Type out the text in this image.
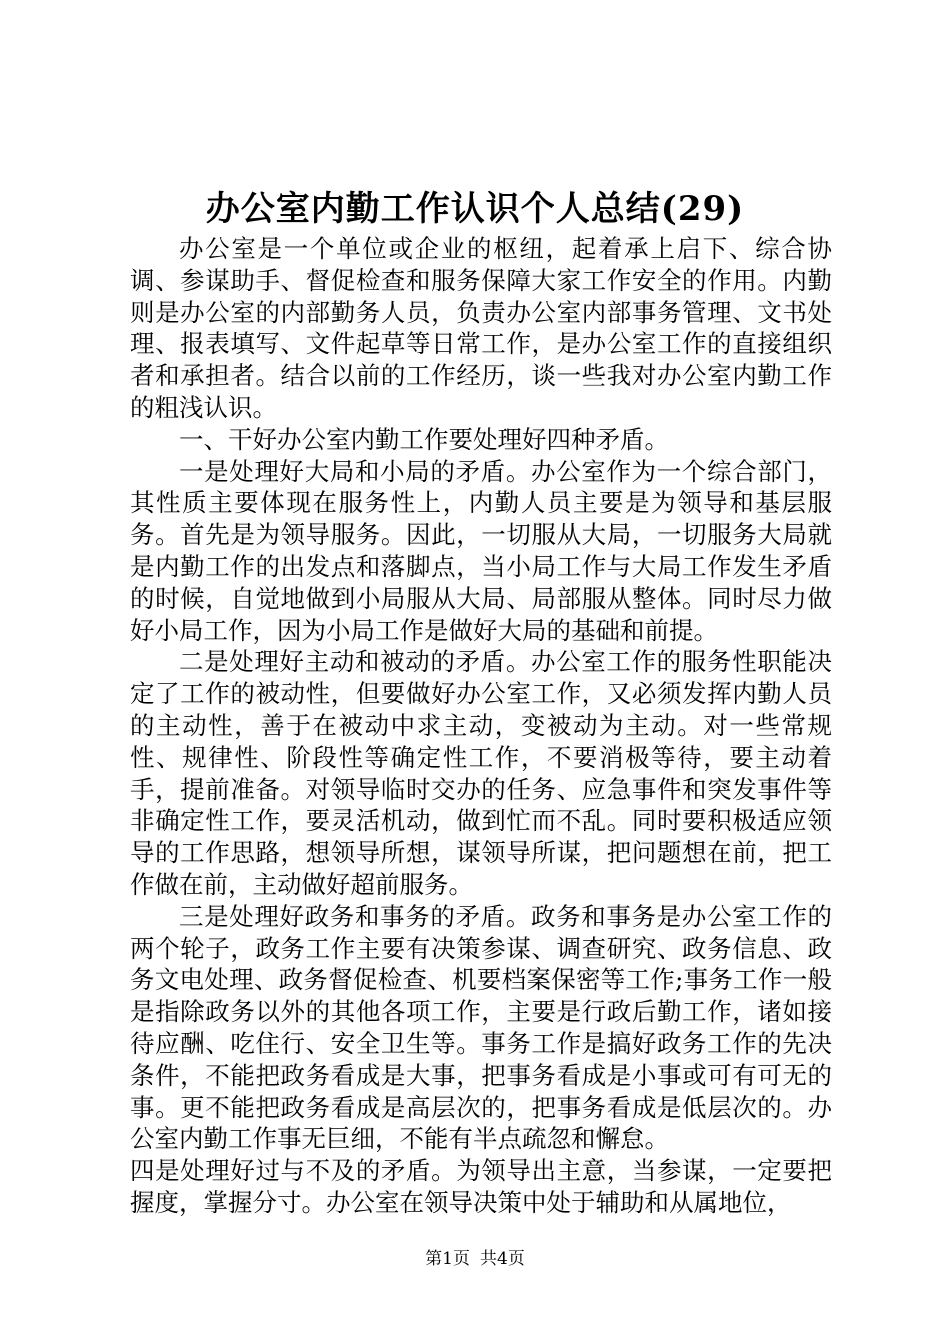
办公室内勤工作认识个人总结(29)

办公室是一个单位或企业的枢纽，起着承上启下、综合协调、参谋助手、督促检查和服务保障大家工作安全的作用。内勤则是办公室的内部勤务人员，负责办公室内部事务管理、文书处理、报表填写、文件起草等日常工作，是办公室工作的直接组织者和承担者。结合以前的工作经历，谈一些我对办公室内勤工作的粗浅认识。

一、干好办公室内勤工作要处理好四种矛盾。

一是处理好大局和小局的矛盾。办公室作为一个综合部门，其性质主要体现在服务性上，内勤人员主要是为领导和基层服务。首先是为领导服务。因此，一切服从大局，一切服务大局就是内勤工作的出发点和落脚点，当小局工作与大局工作发生矛盾的时候，自觉地做到小局服从大局、局部服从整体。同时尽力做好小局工作，因为小局工作是做好大局的基础和前提。

二是处理好主动和被动的矛盾。办公室工作的服务性职能决定了工作的被动性，但要做好办公室工作，又必须发挥内勤人员的主动性，善于在被动中求主动，变被动为主动。对一些常规性、规律性、阶段性等确定性工作，不要消极等待，要主动着手，提前准备。对领导临时交办的任务、应急事件和突发事件等非确定性工作，要灵活机动，做到忙而不乱。同时要积极适应领导的工作思路，想领导所想，谋领导所谋，把问题想在前，把工作做在前，主动做好超前服务。

三是处理好政务和事务的矛盾。政务和事务是办公室工作的两个轮子，政务工作主要有决策参谋、调查研究、政务信息、政务文电处理、政务督促检查、机要档案保密等工作;事务工作一般是指除政务以外的其他各项工作，主要是行政后勤工作，诸如接待应酬、吃住行、安全卫生等。事务工作是搞好政务工作的先决条件，不能把政务看成是大事，把事务看成是小事或可有可无的事。更不能把政务看成是高层次的，把事务看成是低层次的。办公室内勤工作事无巨细，不能有半点疏忽和懈怠。

四是处理好过与不及的矛盾。为领导出主意，当参谋，一定要把握度，掌握分寸。办公室在领导决策中处于辅助和从属地位，

第1页 共4页
